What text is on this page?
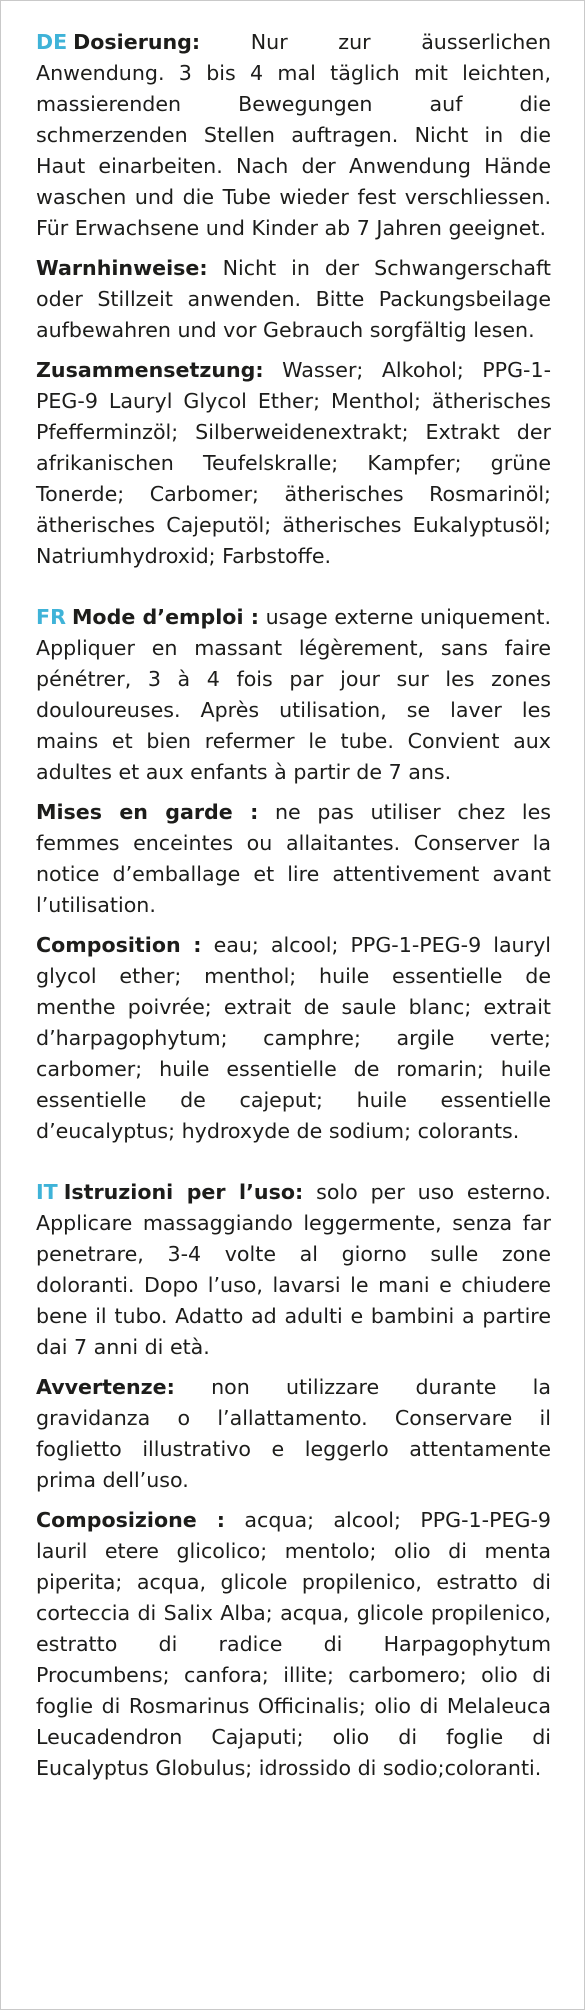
DE Dosierung: Nur zur äusserlichen Anwendung. 3 bis 4 mal täglich mit leichten, massierenden Bewegungen auf die schmerzenden Stellen auftragen. Nicht in die Haut einarbeiten. Nach der Anwendung Hände waschen und die Tube wieder fest verschliessen. Für Erwachsene und Kinder ab 7 Jahren geeignet.

Warnhinweise: Nicht in der Schwangerschaft oder Stillzeit anwenden. Bitte Packungsbeilage aufbewahren und vor Gebrauch sorgfältig lesen.

Zusammensetzung: Wasser; Alkohol; PPG-1-PEG-9 Lauryl Glycol Ether; Menthol; ätherisches Pfefferminzöl; Silberweidenextrakt; Extrakt der afrikanischen Teufelskralle; Kampfer; grüne Tonerde; Carbomer; ätherisches Rosmarinöl; ätherisches Cajeputöl; ätherisches Eukalyptusöl; Natriumhydroxid; Farbstoffe.

FR Mode d’emploi : usage externe uniquement. Appliquer en massant légèrement, sans faire pénétrer, 3 à 4 fois par jour sur les zones douloureuses. Après utilisation, se laver les mains et bien refermer le tube. Convient aux adultes et aux enfants à partir de 7 ans.

Mises en garde : ne pas utiliser chez les femmes enceintes ou allaitantes. Conserver la notice d’emballage et lire attentivement avant l’utilisation.

Composition : eau; alcool; PPG-1-PEG-9 lauryl glycol ether; menthol; huile essentielle de menthe poivrée; extrait de saule blanc; extrait d’harpagophytum; camphre; argile verte; carbomer; huile essentielle de romarin; huile essentielle de cajeput; huile essentielle d’eucalyptus; hydroxyde de sodium; colorants.

IT Istruzioni per l’uso: solo per uso esterno. Applicare massaggiando leggermente, senza far penetrare, 3-4 volte al giorno sulle zone doloranti. Dopo l’uso, lavarsi le mani e chiudere bene il tubo. Adatto ad adulti e bambini a partire dai 7 anni di età.

Avvertenze: non utilizzare durante la gravidanza o l’allattamento. Conservare il foglietto illustrativo e leggerlo attentamente prima dell’uso.

Composizione : acqua; alcool; PPG-1-PEG-9 lauril etere glicolico; mentolo; olio di menta piperita; acqua, glicole propilenico, estratto di corteccia di Salix Alba; acqua, glicole propilenico, estratto di radice di Harpagophytum Procumbens; canfora; illite; carbomero; olio di foglie di Rosmarinus Officinalis; olio di Melaleuca Leucadendron Cajaputi; olio di foglie di Eucalyptus Globulus; idrossido di sodio;coloranti.
